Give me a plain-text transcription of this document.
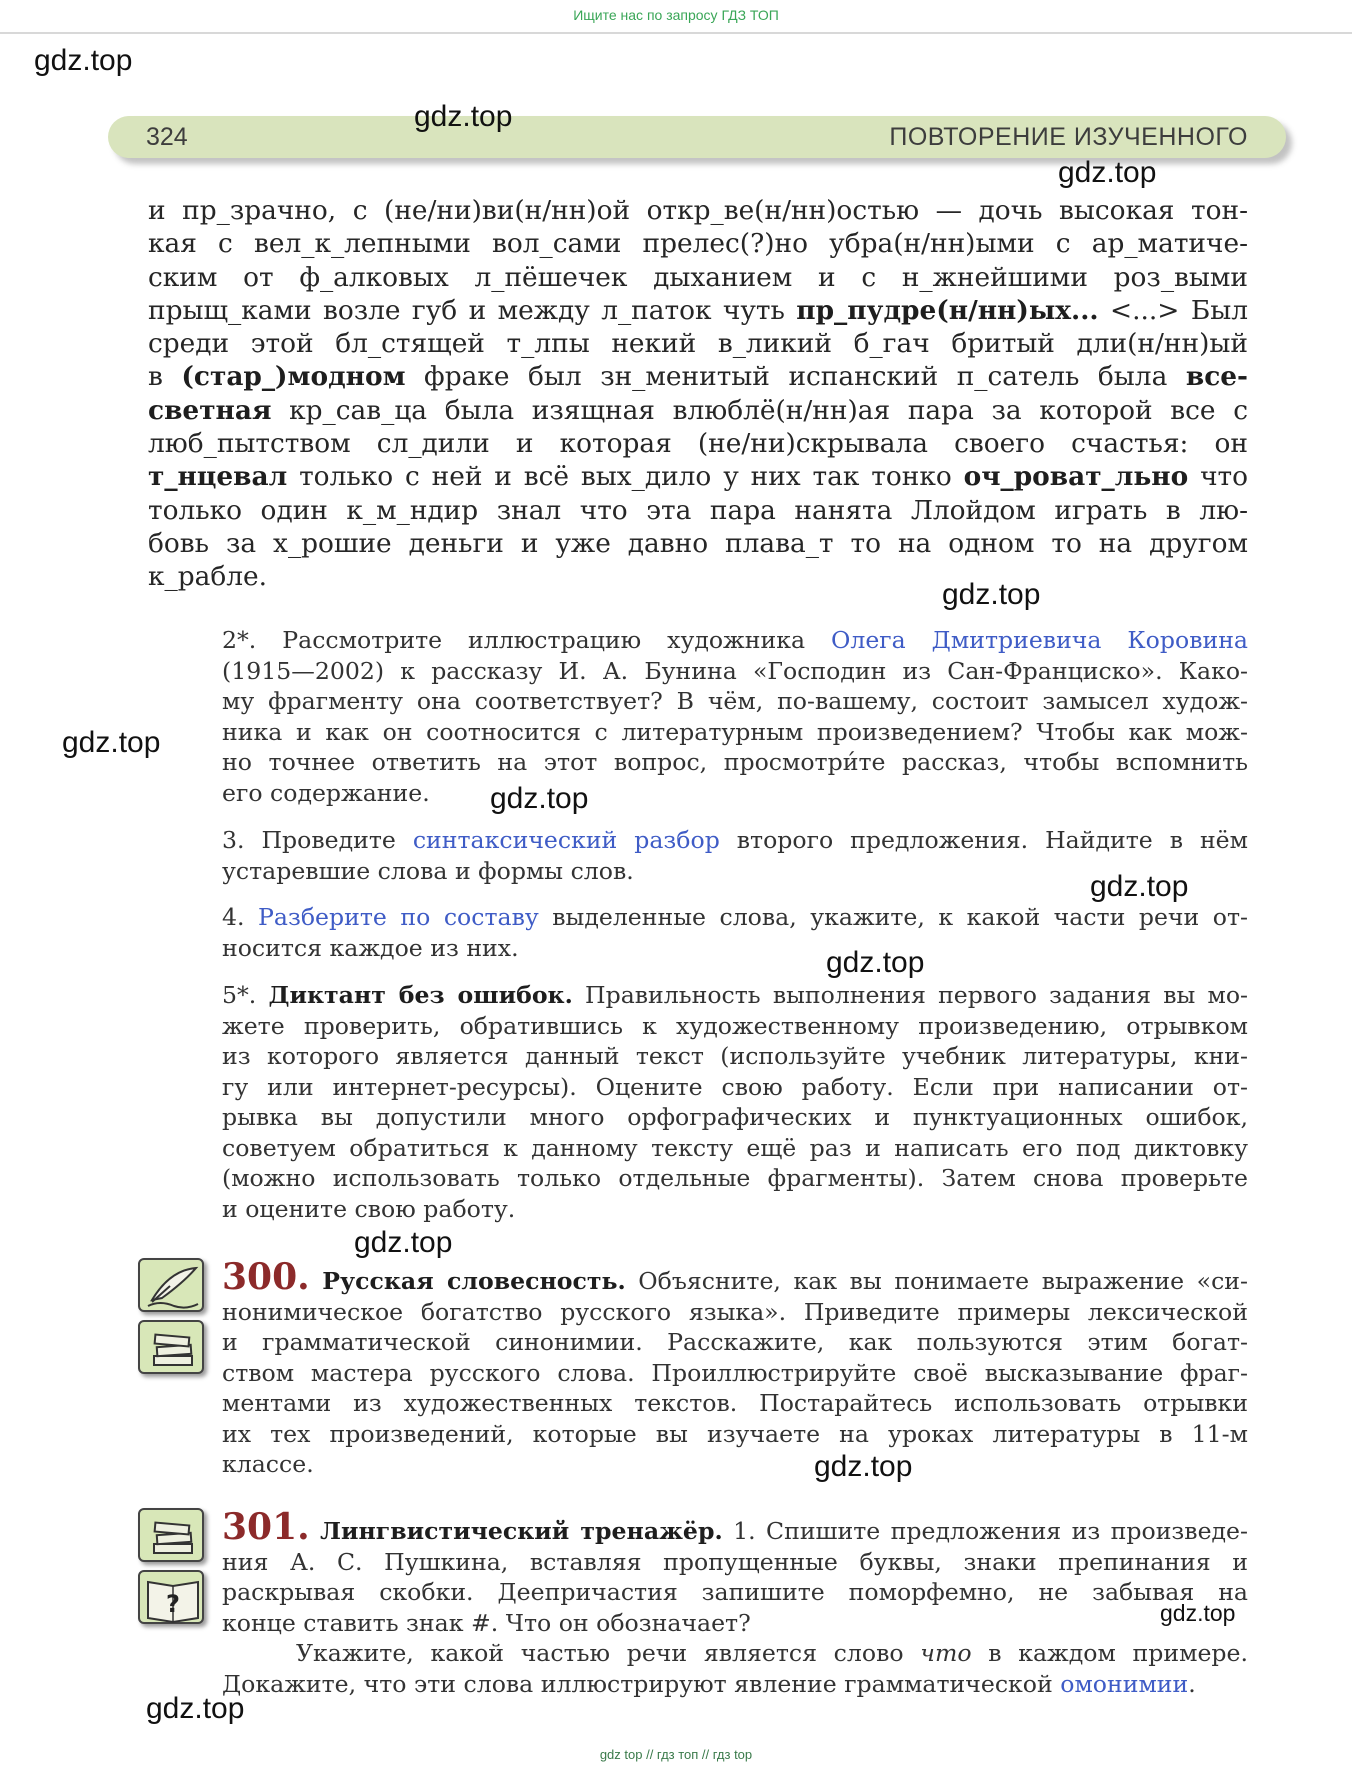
Ищите нас по запросу ГДЗ ТОП
324	ПОВТОРЕНИЕ ИЗУЧЕННОГО
и пр_зрачно, с (не/ни)ви(н/нн)ой откр_ве(н/нн)остью — дочь высокая тон-
кая с вел_к_лепными вол_сами прелес(?)но убра(н/нн)ыми с ар_матиче-
ским от ф_алковых л_пёшечек дыханием и с н_жнейшими роз_выми
прыщ_ками возле губ и между л_паток чуть пр_пудре(н/нн)ых... <...> Был
среди этой бл_стящей т_лпы некий в_ликий б_гач бритый дли(н/нн)ый
в (стар_)модном фраке был зн_менитый испанский п_сатель была все-
светная кр_сав_ца была изящная влюблё(н/нн)ая пара за которой все с
люб_пытством сл_дили и которая (не/ни)скрывала своего счастья: он
т_нцевал только с ней и всё вых_дило у них так тонко оч_роват_льно что
только один к_м_ндир знал что эта пара нанята Ллойдом играть в лю-
бовь за х_рошие деньги и уже давно плава_т то на одном то на другом
к_рабле.
2*. Рассмотрите иллюстрацию художника Олега Дмитриевича Коровина
(1915—2002) к рассказу И. А. Бунина «Господин из Сан-Франциско». Како-
му фрагменту она соответствует? В чём, по-вашему, состоит замысел худож-
ника и как он соотносится с литературным произведением? Чтобы как мож-
но точнее ответить на этот вопрос, просмотри́те рассказ, чтобы вспомнить
его содержание.
3. Проведите синтаксический разбор второго предложения. Найдите в нём
устаревшие слова и формы слов.
4. Разберите по составу выделенные слова, укажите, к какой части речи от-
носится каждое из них.
5*. Диктант без ошибок. Правильность выполнения первого задания вы мо-
жете проверить, обратившись к художественному произведению, отрывком
из которого является данный текст (используйте учебник литературы, кни-
гу или интернет-ресурсы). Оцените свою работу. Если при написании от-
рывка вы допустили много орфографических и пунктуационных ошибок,
советуем обратиться к данному тексту ещё раз и написать его под диктовку
(можно использовать только отдельные фрагменты). Затем снова проверьте
и оцените свою работу.
300. Русская словесность. Объясните, как вы понимаете выражение «си-
нонимическое богатство русского языка». Приведите примеры лексической
и грамматической синонимии. Расскажите, как пользуются этим богат-
ством мастера русского слова. Проиллюстрируйте своё высказывание фраг-
ментами из художественных текстов. Постарайтесь использовать отрывки
их тех произведений, которые вы изучаете на уроках литературы в 11-м
классе.
?
301. Лингвистический тренажёр. 1. Спишите предложения из произведе-
ния А. С. Пушкина, вставляя пропущенные буквы, знаки препинания и
раскрывая скобки. Деепричастия запишите поморфемно, не забывая на
конце ставить знак #. Что он обозначает?
Укажите, какой частью речи является слово что в каждом примере.
Докажите, что эти слова иллюстрируют явление грамматической омонимии.
gdz.top
gdz.top
gdz.top
gdz.top
gdz.top
gdz.top
gdz.top
gdz.top
gdz.top
gdz.top
gdz.top
gdz.top
gdz top // гдз топ // гдз top
